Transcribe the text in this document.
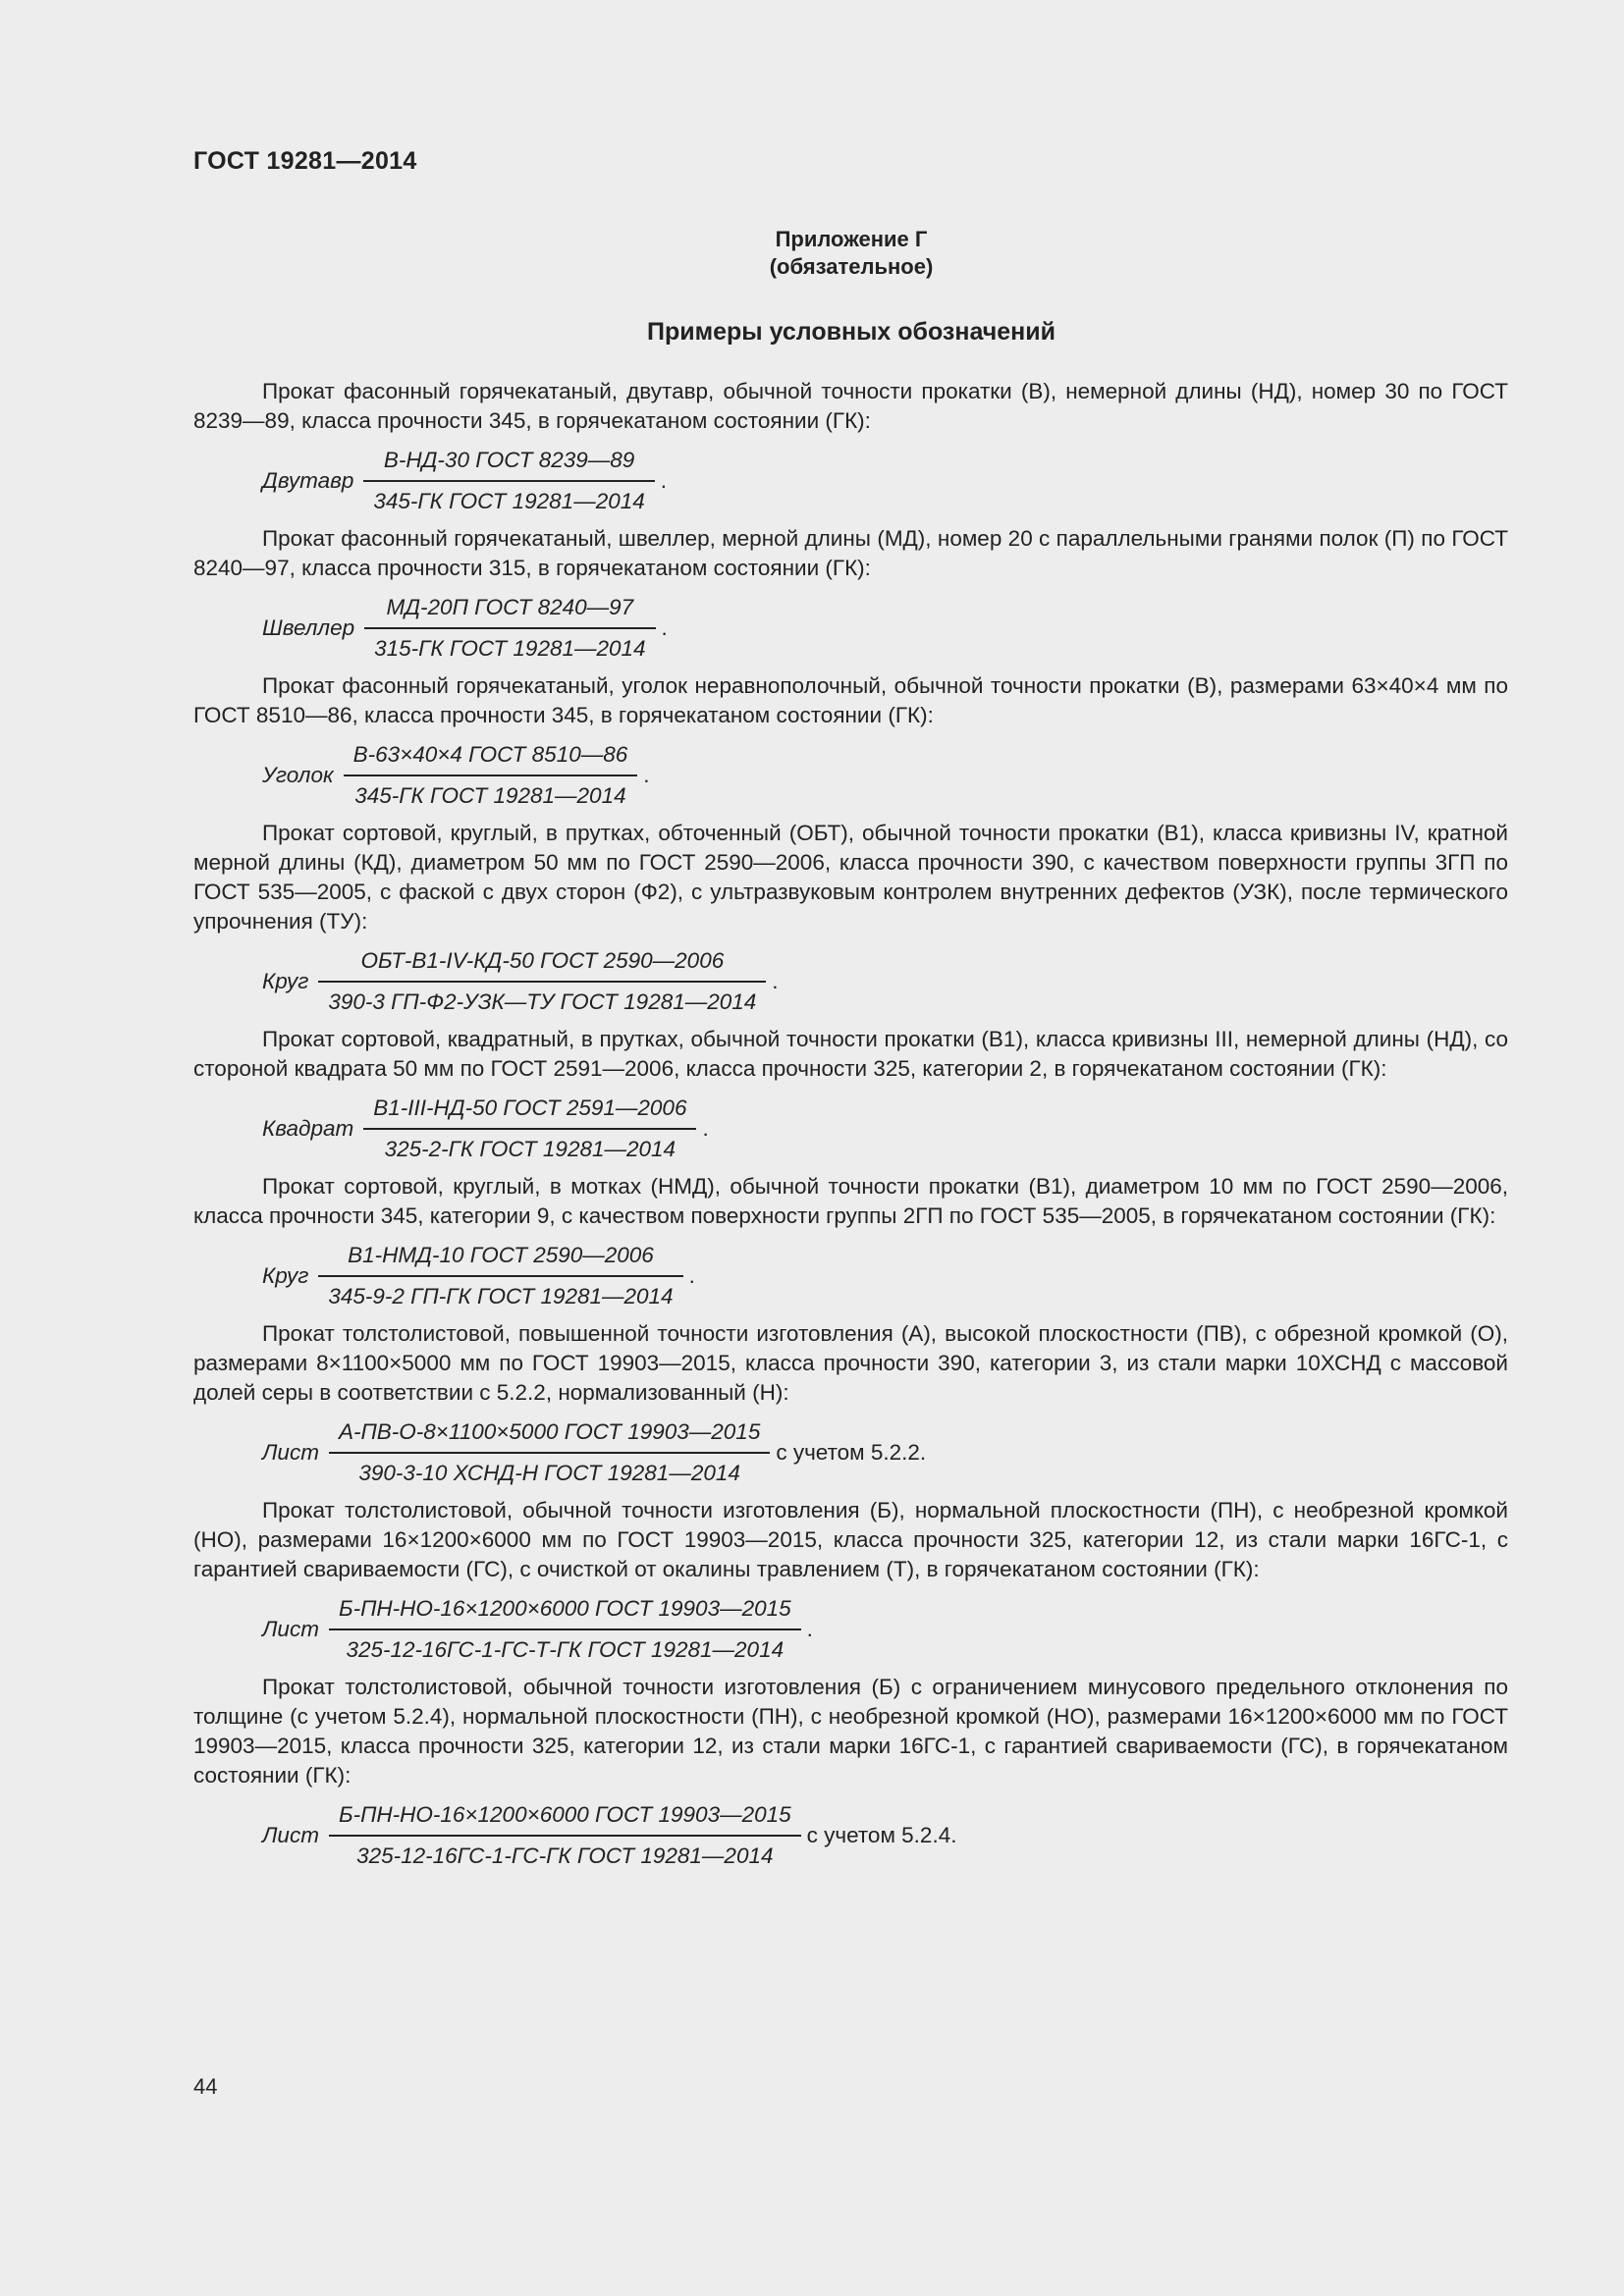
ГОСТ 19281—2014
Приложение Г
(обязательное)
Примеры условных обозначений

Прокат фасонный горячекатаный, двутавр, обычной точности прокатки (В), немерной длины (НД), номер 30 по ГОСТ 8239—89, класса прочности 345, в горячекатаном состоянии (ГК):

Двутавр $\frac{\text{В-НД-30 ГОСТ 8239—89}}{\text{345-ГК ГОСТ 19281—2014}}$ .

Прокат фасонный горячекатаный, швеллер, мерной длины (МД), номер 20 с параллельными гранями полок (П) по ГОСТ 8240—97, класса прочности 315, в горячекатаном состоянии (ГК):

Швеллер $\frac{\text{МД-20П ГОСТ 8240—97}}{\text{315-ГК ГОСТ 19281—2014}}$ .

Прокат фасонный горячекатаный, уголок неравнополочный, обычной точности прокатки (В), размерами 63×40×4 мм по ГОСТ 8510—86, класса прочности 345, в горячекатаном состоянии (ГК):

Уголок $\frac{\text{В-63×40×4 ГОСТ 8510—86}}{\text{345-ГК ГОСТ 19281—2014}}$ .

Прокат сортовой, круглый, в прутках, обточенный (ОБТ), обычной точности прокатки (В1), класса кривизны IV, кратной мерной длины (КД), диаметром 50 мм по ГОСТ 2590—2006, класса прочности 390, с качеством поверхности группы 3ГП по ГОСТ 535—2005, с фаской с двух сторон (Ф2), с ультразвуковым контролем внутренних дефектов (УЗК), после термического упрочнения (ТУ):

Круг $\frac{\text{ОБТ-В1-IV-КД-50 ГОСТ 2590—2006}}{\text{390-3 ГП-Ф2-УЗК—ТУ ГОСТ 19281—2014}}$ .

Прокат сортовой, квадратный, в прутках, обычной точности прокатки (В1), класса кривизны III, немерной длины (НД), со стороной квадрата 50 мм по ГОСТ 2591—2006, класса прочности 325, категории 2, в горячекатаном состоянии (ГК):

Квадрат $\frac{\text{В1-III-НД-50 ГОСТ 2591—2006}}{\text{325-2-ГК ГОСТ 19281—2014}}$ .

Прокат сортовой, круглый, в мотках (НМД), обычной точности прокатки (В1), диаметром 10 мм по ГОСТ 2590—2006, класса прочности 345, категории 9, с качеством поверхности группы 2ГП по ГОСТ 535—2005, в горячекатаном состоянии (ГК):

Круг $\frac{\text{В1-НМД-10 ГОСТ 2590—2006}}{\text{345-9-2 ГП-ГК ГОСТ 19281—2014}}$ .

Прокат толстолистовой, повышенной точности изготовления (А), высокой плоскостности (ПВ), с обрезной кромкой (О), размерами 8×1100×5000 мм по ГОСТ 19903—2015, класса прочности 390, категории 3, из стали марки 10ХСНД с массовой долей серы в соответствии с 5.2.2, нормализованный (Н):

Лист $\frac{\text{А-ПВ-О-8×1100×5000 ГОСТ 19903—2015}}{\text{390-3-10 ХСНД-Н ГОСТ 19281—2014}}$ с учетом 5.2.2.

Прокат толстолистовой, обычной точности изготовления (Б), нормальной плоскостности (ПН), с необрезной кромкой (НО), размерами 16×1200×6000 мм по ГОСТ 19903—2015, класса прочности 325, категории 12, из стали марки 16ГС-1, с гарантией свариваемости (ГС), с очисткой от окалины травлением (Т), в горячекатаном состоянии (ГК):

Лист $\frac{\text{Б-ПН-НО-16×1200×6000 ГОСТ 19903—2015}}{\text{325-12-16ГС-1-ГС-Т-ГК ГОСТ 19281—2014}}$ .

Прокат толстолистовой, обычной точности изготовления (Б) с ограничением минусового предельного отклонения по толщине (с учетом 5.2.4), нормальной плоскостности (ПН), с необрезной кромкой (НО), размерами 16×1200×6000 мм по ГОСТ 19903—2015, класса прочности 325, категории 12, из стали марки 16ГС-1, с гарантией свариваемости (ГС), в горячекатаном состоянии (ГК):

Лист $\frac{\text{Б-ПН-НО-16×1200×6000 ГОСТ 19903—2015}}{\text{325-12-16ГС-1-ГС-ГК ГОСТ 19281—2014}}$ с учетом 5.2.4.
44
